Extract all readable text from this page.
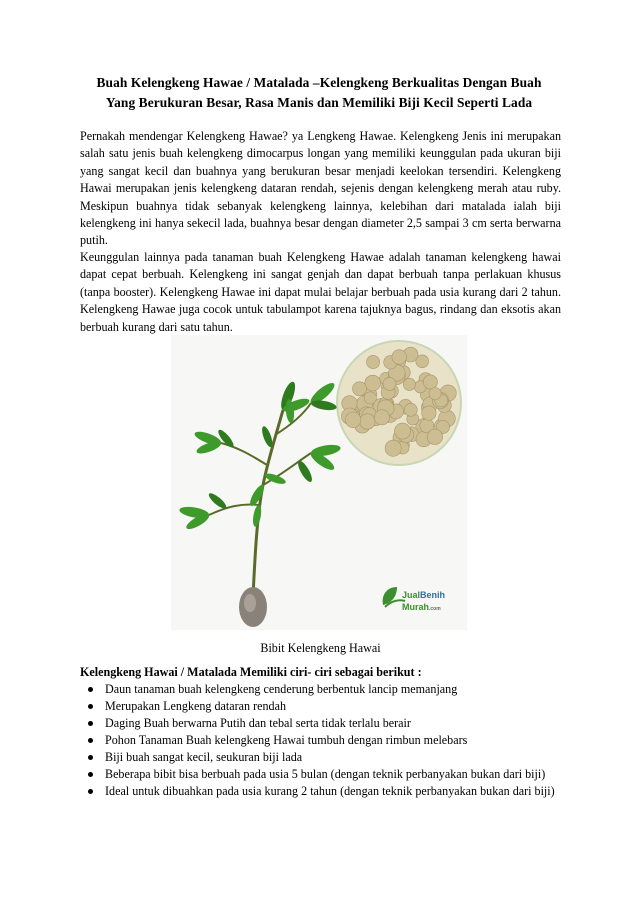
Buah Kelengkeng Hawae / Matalada –Kelengkeng Berkualitas Dengan Buah
Yang Berukuran Besar, Rasa Manis dan Memiliki Biji Kecil Seperti Lada

Pernakah mendengar Kelengkeng Hawae? ya Lengkeng Hawae. Kelengkeng Jenis ini merupakan salah satu jenis buah kelengkeng dimocarpus longan yang memiliki keunggulan pada ukuran biji yang sangat kecil dan buahnya yang berukuran besar menjadi keelokan tersendiri. Kelengkeng Hawai merupakan jenis kelengkeng dataran rendah, sejenis dengan kelengkeng merah atau ruby. Meskipun buahnya tidak sebanyak kelengkeng lainnya, kelebihan dari matalada ialah biji kelengkeng ini hanya sekecil lada, buahnya besar dengan diameter 2,5 sampai 3 cm serta berwarna putih.

Keunggulan lainnya pada tanaman buah Kelengkeng Hawae adalah tanaman kelengkeng hawai dapat cepat berbuah. Kelengkeng ini sangat genjah dan dapat berbuah tanpa perlakuan khusus (tanpa booster). Kelengkeng Hawae ini dapat mulai belajar berbuah pada usia kurang dari 2 tahun. Kelengkeng Hawae juga cocok untuk tabulampot karena tajuknya bagus, rindang dan eksotis akan berbuah kurang dari satu tahun.

JualBenih
Murah.com
Bibit Kelengkeng Hawai
Kelengkeng Hawai / Matalada Memiliki ciri- ciri sebagai berikut :
Daun tanaman buah kelengkeng cenderung berbentuk lancip memanjang
Merupakan Lengkeng dataran rendah
Daging Buah berwarna Putih dan tebal serta tidak terlalu berair
Pohon Tanaman Buah kelengkeng Hawai tumbuh dengan rimbun melebars
Biji buah sangat kecil, seukuran biji lada
Beberapa bibit bisa berbuah pada usia 5 bulan (dengan teknik perbanyakan bukan dari biji)
Ideal untuk dibuahkan pada usia kurang 2 tahun (dengan teknik perbanyakan bukan dari biji)
